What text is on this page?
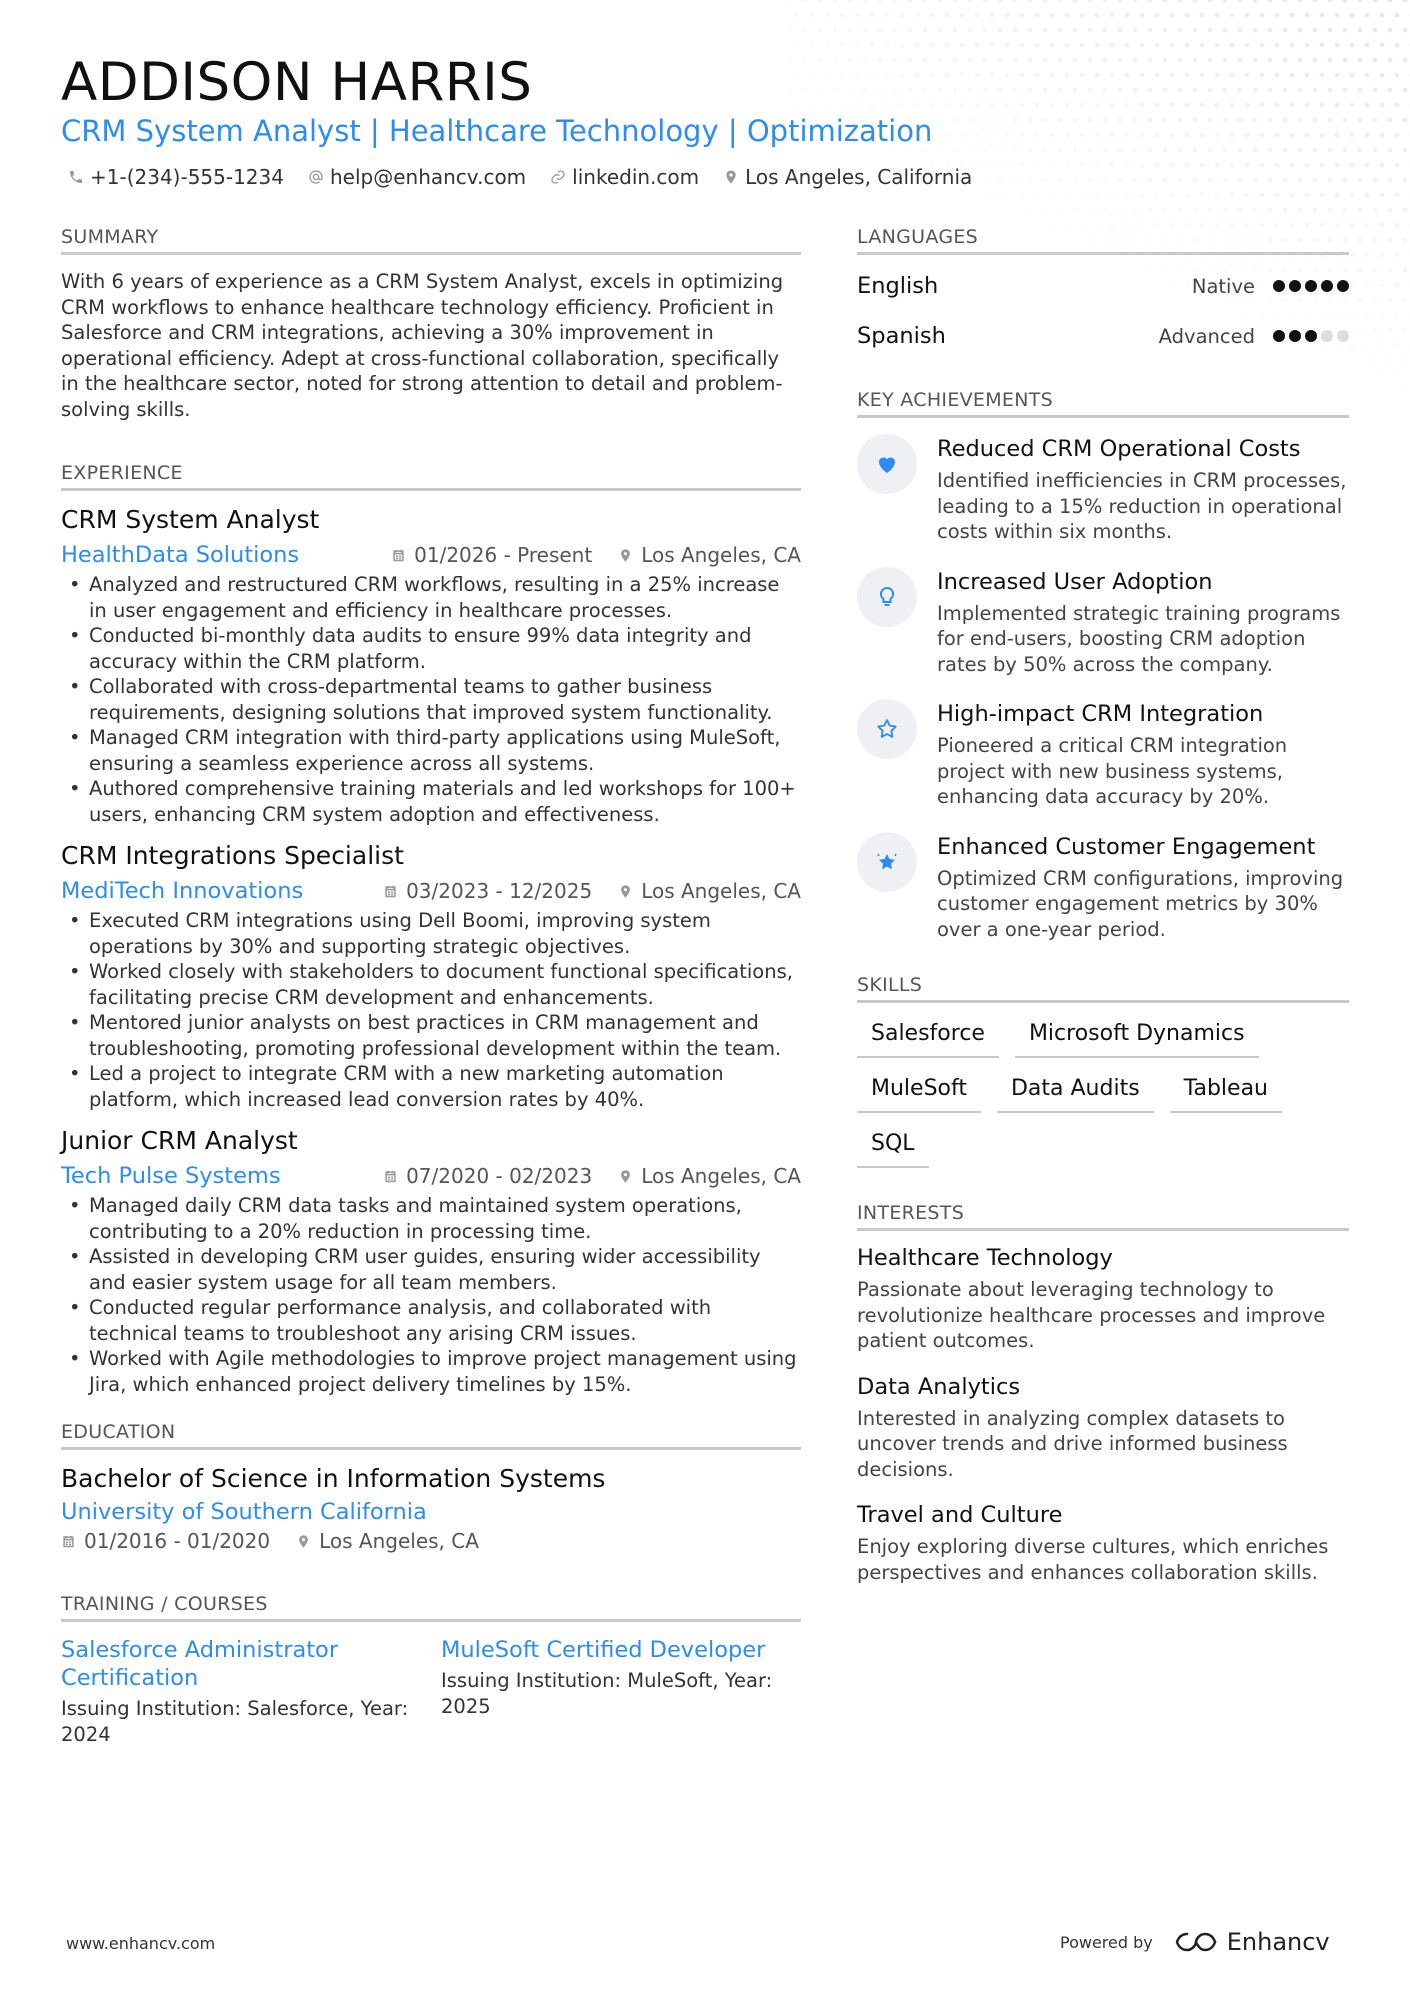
ADDISON HARRIS
CRM System Analyst | Healthcare Technology | Optimization
+1-(234)-555-1234 help@enhancv.com linkedin.com Los Angeles, California
SUMMARY
With 6 years of experience as a CRM System Analyst, excels in optimizing CRM workflows to enhance healthcare technology efficiency. Proficient in Salesforce and CRM integrations, achieving a 30% improvement in operational efficiency. Adept at cross-functional collaboration, specifically in the healthcare sector, noted for strong attention to detail and problem-solving skills.
EXPERIENCE
CRM System Analyst
HealthData Solutions	01/2026 - Present Los Angeles, CA
• Analyzed and restructured CRM workflows, resulting in a 25% increase in user engagement and efficiency in healthcare processes.
• Conducted bi-monthly data audits to ensure 99% data integrity and accuracy within the CRM platform.
• Collaborated with cross-departmental teams to gather business requirements, designing solutions that improved system functionality.
• Managed CRM integration with third-party applications using MuleSoft, ensuring a seamless experience across all systems.
• Authored comprehensive training materials and led workshops for 100+ users, enhancing CRM system adoption and effectiveness.
CRM Integrations Specialist
MediTech Innovations	03/2023 - 12/2025 Los Angeles, CA
• Executed CRM integrations using Dell Boomi, improving system operations by 30% and supporting strategic objectives.
• Worked closely with stakeholders to document functional specifications, facilitating precise CRM development and enhancements.
• Mentored junior analysts on best practices in CRM management and troubleshooting, promoting professional development within the team.
• Led a project to integrate CRM with a new marketing automation platform, which increased lead conversion rates by 40%.
Junior CRM Analyst
Tech Pulse Systems	07/2020 - 02/2023 Los Angeles, CA
• Managed daily CRM data tasks and maintained system operations, contributing to a 20% reduction in processing time.
• Assisted in developing CRM user guides, ensuring wider accessibility and easier system usage for all team members.
• Conducted regular performance analysis, and collaborated with technical teams to troubleshoot any arising CRM issues.
• Worked with Agile methodologies to improve project management using Jira, which enhanced project delivery timelines by 15%.
EDUCATION
Bachelor of Science in Information Systems
University of Southern California
01/2016 - 01/2020 Los Angeles, CA
TRAINING / COURSES
Salesforce Administrator Certification
Issuing Institution: Salesforce, Year: 2024
MuleSoft Certified Developer
Issuing Institution: MuleSoft, Year: 2025
LANGUAGES
English	Native
Spanish	Advanced
KEY ACHIEVEMENTS
Reduced CRM Operational Costs
Identified inefficiencies in CRM processes, leading to a 15% reduction in operational costs within six months.
Increased User Adoption
Implemented strategic training programs for end-users, boosting CRM adoption rates by 50% across the company.
High-impact CRM Integration
Pioneered a critical CRM integration project with new business systems, enhancing data accuracy by 20%.
Enhanced Customer Engagement
Optimized CRM configurations, improving customer engagement metrics by 30% over a one-year period.
SKILLS
Salesforce	Microsoft Dynamics
MuleSoft	Data Audits	Tableau
SQL
INTERESTS
Healthcare Technology
Passionate about leveraging technology to revolutionize healthcare processes and improve patient outcomes.
Data Analytics
Interested in analyzing complex datasets to uncover trends and drive informed business decisions.
Travel and Culture
Enjoy exploring diverse cultures, which enriches perspectives and enhances collaboration skills.
www.enhancv.com	Powered by	Enhancv
